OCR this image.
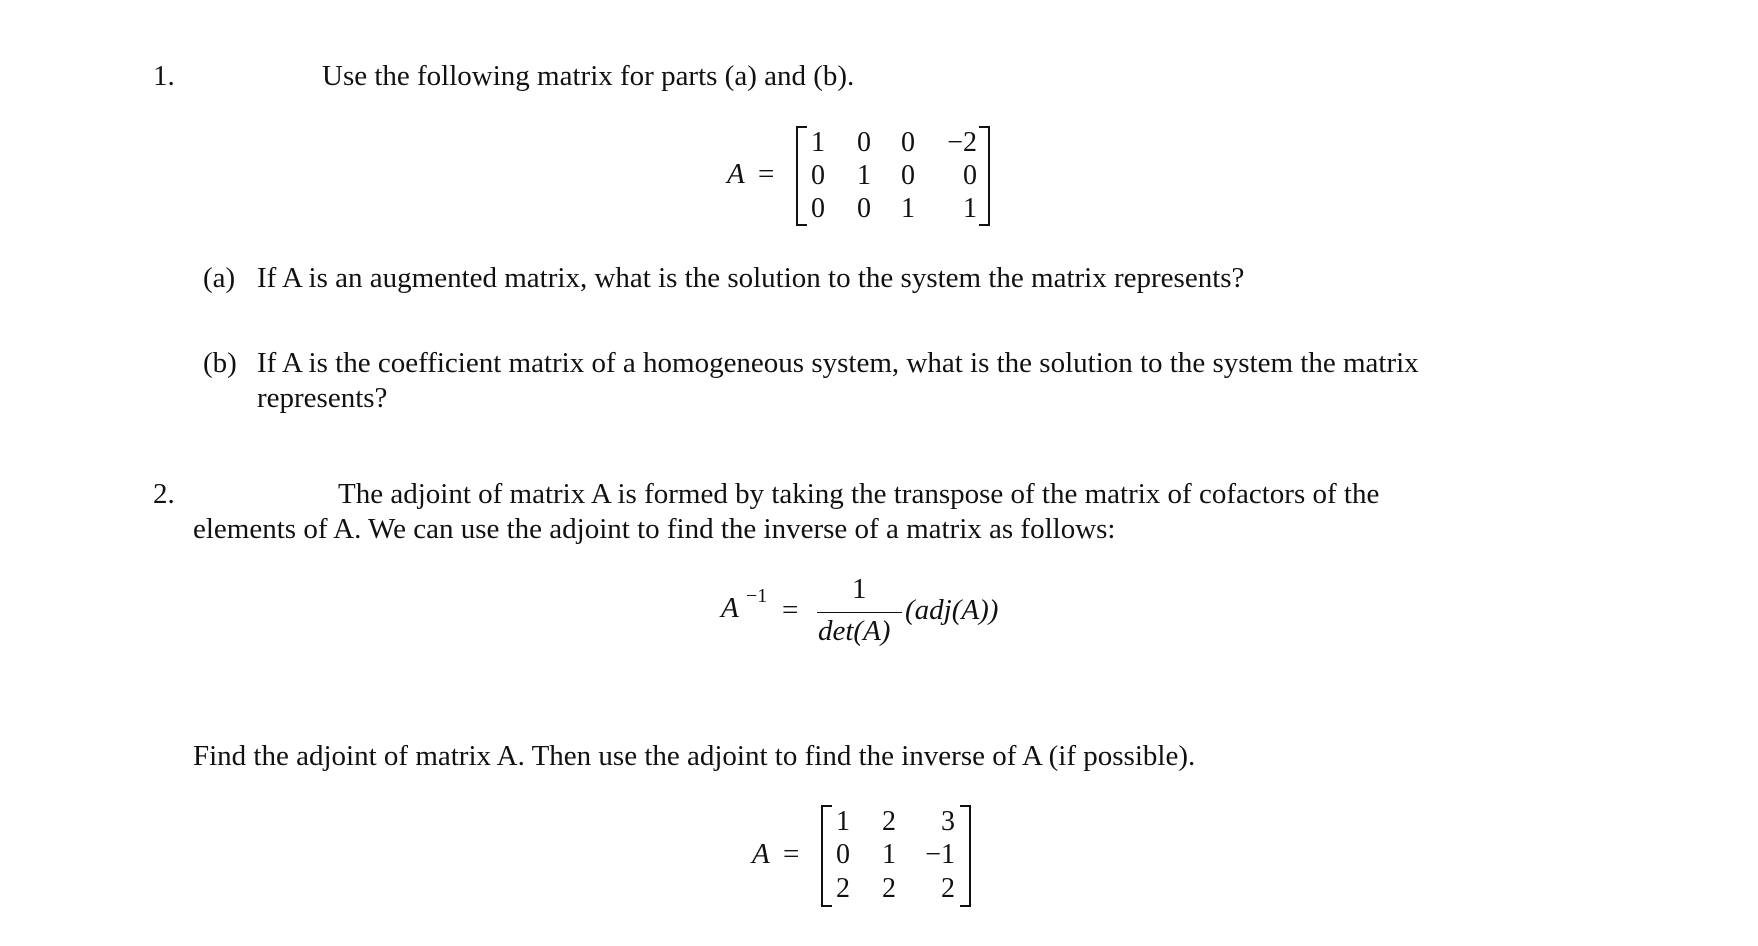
1.	Use the following matrix for parts (a) and (b).
A =
1 0 0 −2
0 1 0 0
0 0 1 1
(a) If A is an augmented matrix, what is the solution to the system the matrix represents?
(b) If A is the coefficient matrix of a homogeneous system, what is the solution to the system the matrix
represents?
2.	The adjoint of matrix A is formed by taking the transpose of the matrix of cofactors of the
elements of A. We can use the adjoint to find the inverse of a matrix as follows:
A −1 =
1
det(A)
(adj(A))
Find the adjoint of matrix A. Then use the adjoint to find the inverse of A (if possible).
A =
1 2 3
0 1 −1
2 2 2
